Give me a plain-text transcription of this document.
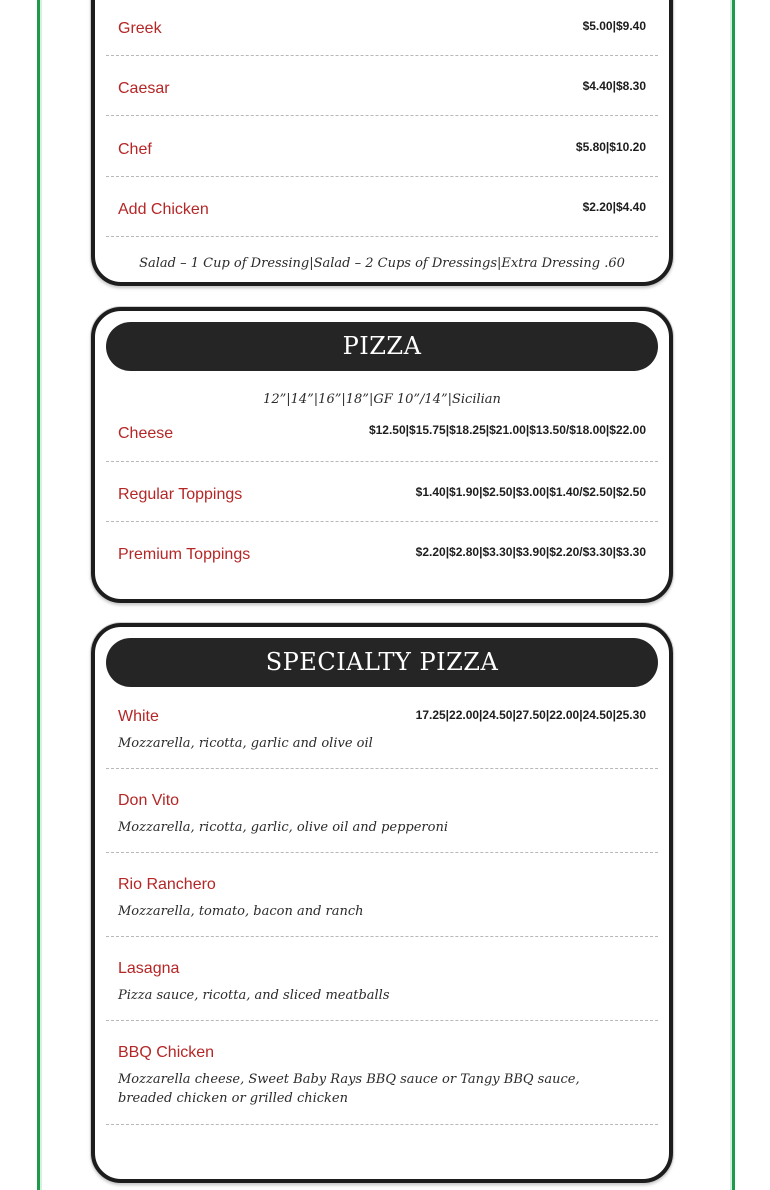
Greek	$5.00|$9.40
Caesar	$4.40|$8.30
Chef	$5.80|$10.20
Add Chicken	$2.20|$4.40
Salad – 1 Cup of Dressing|Salad – 2 Cups of Dressings|Extra Dressing .60
PIZZA
12”|14”|16”|18”|GF 10”/14”|Sicilian
Cheese	$12.50|$15.75|$18.25|$21.00|$13.50/$18.00|$22.00
Regular Toppings	$1.40|$1.90|$2.50|$3.00|$1.40/$2.50|$2.50
Premium Toppings	$2.20|$2.80|$3.30|$3.90|$2.20/$3.30|$3.30
SPECIALTY PIZZA
White	17.25|22.00|24.50|27.50|22.00|24.50|25.30
Mozzarella, ricotta, garlic and olive oil
Don Vito
Mozzarella, ricotta, garlic, olive oil and pepperoni
Rio Ranchero
Mozzarella, tomato, bacon and ranch
Lasagna
Pizza sauce, ricotta, and sliced meatballs
BBQ Chicken
Mozzarella cheese, Sweet Baby Rays BBQ sauce or Tangy BBQ sauce, breaded chicken or grilled chicken
